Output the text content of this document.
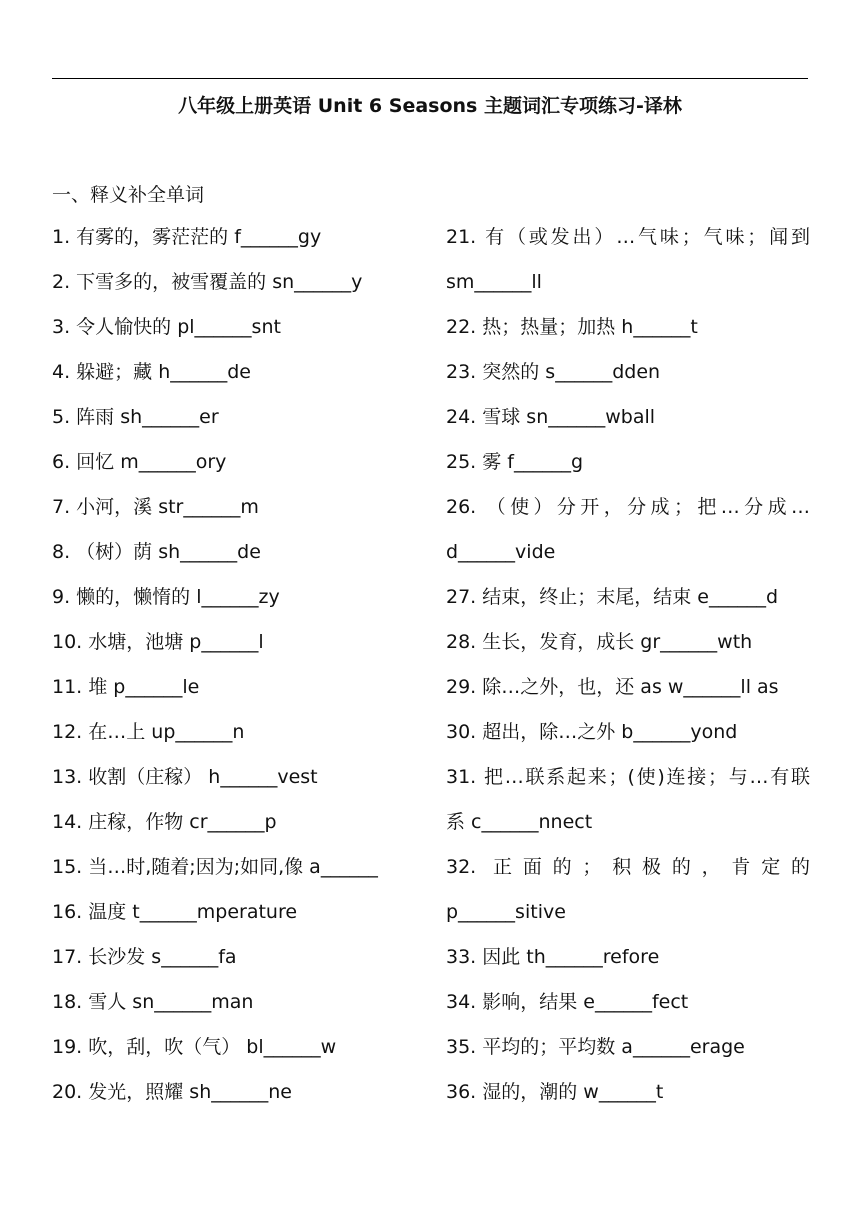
八年级上册英语 Unit 6 Seasons 主题词汇专项练习-译林
一、释义补全单词
1. 有雾的，雾茫茫的 f______gy
2. 下雪多的，被雪覆盖的 sn______y
3. 令人愉快的 pl______snt
4. 躲避；藏 h______de
5. 阵雨 sh______er
6. 回忆 m______ory
7. 小河，溪 str______m
8. （树）荫 sh______de
9. 懒的，懒惰的 l______zy
10. 水塘，池塘 p______l
11. 堆 p______le
12. 在…上 up______n
13. 收割（庄稼） h______vest
14. 庄稼，作物 cr______p
15. 当…时,随着;因为;如同,像 a______
16. 温度 t______mperature
17. 长沙发 s______fa
18. 雪人 sn______man
19. 吹，刮，吹（气） bl______w
20. 发光，照耀 sh______ne
21. 有（或发出）…气味；气味；闻到
sm______ll
22. 热；热量；加热 h______t
23. 突然的 s______dden
24. 雪球 sn______wball
25. 雾 f______g
26. （使）分开，分成；把…分成…
d______vide
27. 结束，终止；末尾，结束 e______d
28. 生长，发育，成长 gr______wth
29. 除…之外，也，还 as w______ll as
30. 超出，除…之外 b______yond
31. 把…联系起来；(使)连接；与…有联
系 c______nnect
32. 正面的；积极的，肯定的
p______sitive
33. 因此 th______refore
34. 影响，结果 e______fect
35. 平均的；平均数 a______erage
36. 湿的，潮的 w______t
